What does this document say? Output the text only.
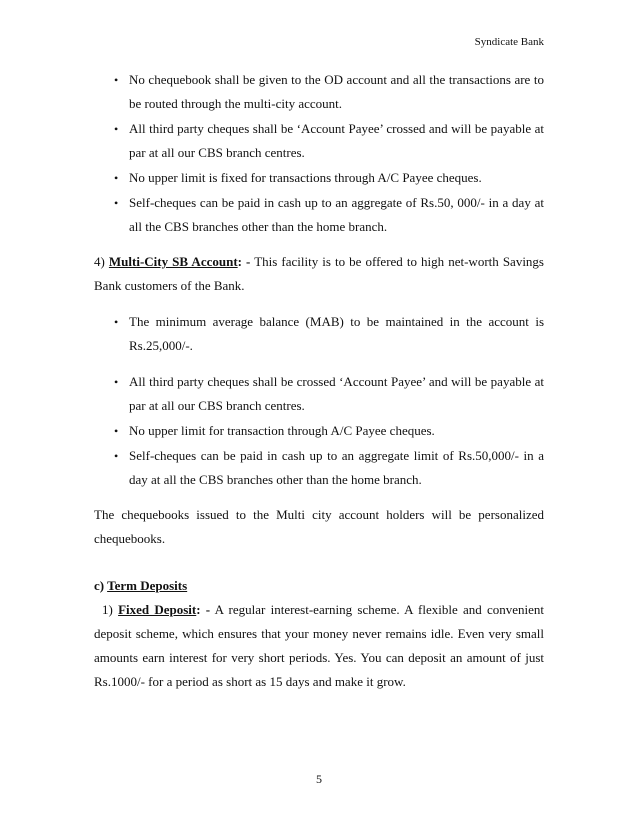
Syndicate Bank
• No chequebook shall be given to the OD account and all the transactions are to be routed through the multi-city account.
• All third party cheques shall be ‘Account Payee’ crossed and will be payable at par at all our CBS branch centres.
• No upper limit is fixed for transactions through A/C Payee cheques.
• Self-cheques can be paid in cash up to an aggregate of Rs.50, 000/- in a day at all the CBS branches other than the home branch.

4) Multi-City SB Account: - This facility is to be offered to high net-worth Savings Bank customers of the Bank.

• The minimum average balance (MAB) to be maintained in the account is Rs.25,000/-.
• All third party cheques shall be crossed ‘Account Payee’ and will be payable at par at all our CBS branch centres.
• No upper limit for transaction through A/C Payee cheques.
• Self-cheques can be paid in cash up to an aggregate limit of Rs.50,000/- in a day at all the CBS branches other than the home branch.

The chequebooks issued to the Multi city account holders will be personalized chequebooks.

c) Term Deposits

1) Fixed Deposit: - A regular interest-earning scheme. A flexible and convenient deposit scheme, which ensures that your money never remains idle. Even very small amounts earn interest for very short periods. Yes. You can deposit an amount of just Rs.1000/- for a period as short as 15 days and make it grow.

5
